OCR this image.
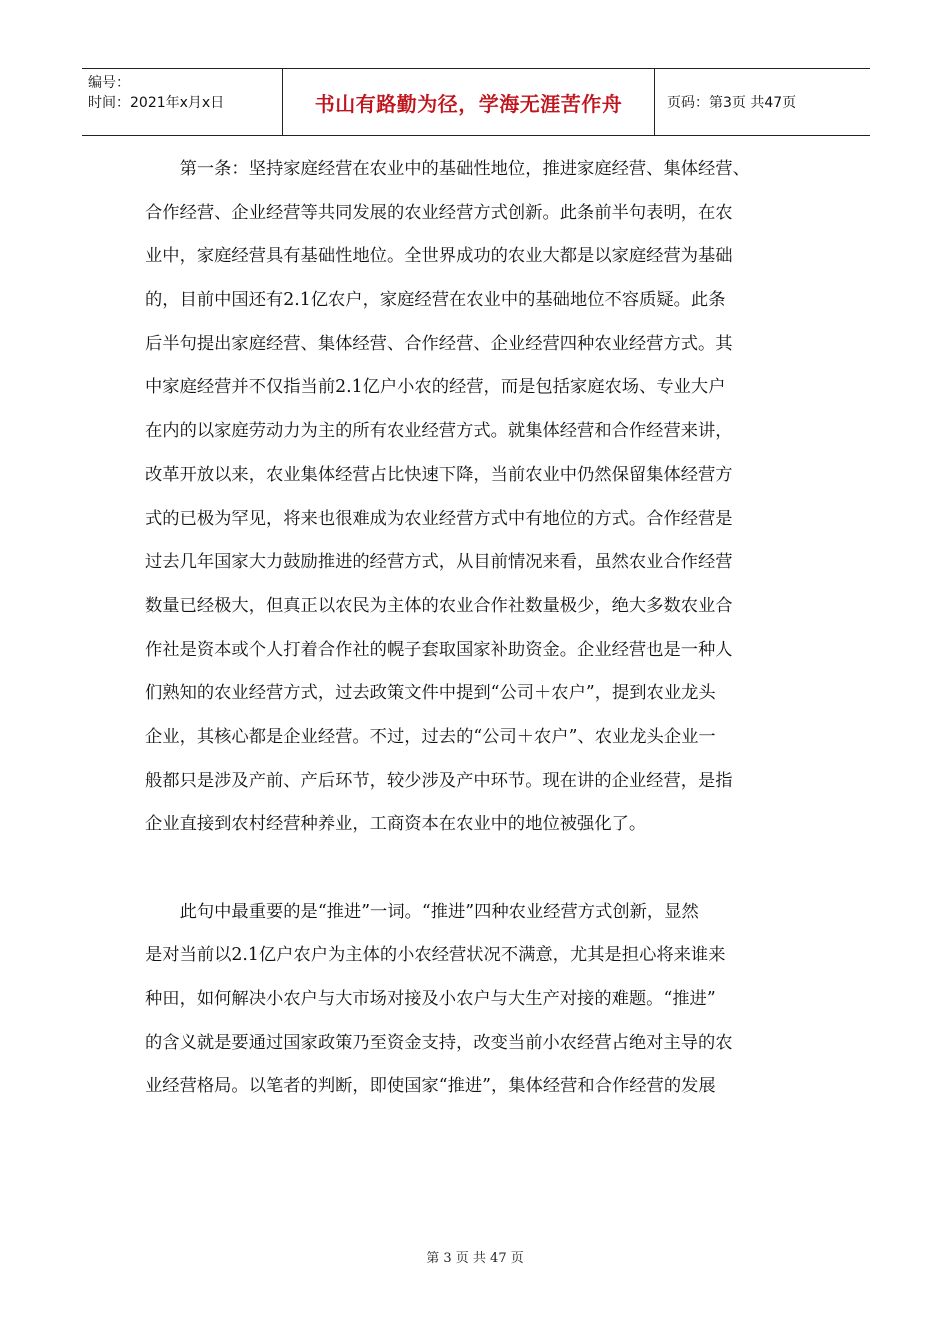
编号：
时间：2021年x月x日	书山有路勤为径，学海无涯苦作舟	页码：第3页 共47页
　　第一条：坚持家庭经营在农业中的基础性地位，推进家庭经营、集体经营、
合作经营、企业经营等共同发展的农业经营方式创新。此条前半句表明，在农
业中，家庭经营具有基础性地位。全世界成功的农业大都是以家庭经营为基础
的，目前中国还有2.1亿农户，家庭经营在农业中的基础地位不容质疑。此条
后半句提出家庭经营、集体经营、合作经营、企业经营四种农业经营方式。其
中家庭经营并不仅指当前2.1亿户小农的经营，而是包括家庭农场、专业大户
在内的以家庭劳动力为主的所有农业经营方式。就集体经营和合作经营来讲，
改革开放以来，农业集体经营占比快速下降，当前农业中仍然保留集体经营方
式的已极为罕见，将来也很难成为农业经营方式中有地位的方式。合作经营是
过去几年国家大力鼓励推进的经营方式，从目前情况来看，虽然农业合作经营
数量已经极大，但真正以农民为主体的农业合作社数量极少，绝大多数农业合
作社是资本或个人打着合作社的幌子套取国家补助资金。企业经营也是一种人
们熟知的农业经营方式，过去政策文件中提到“公司＋农户”，提到农业龙头
企业，其核心都是企业经营。不过，过去的“公司＋农户”、农业龙头企业一
般都只是涉及产前、产后环节，较少涉及产中环节。现在讲的企业经营，是指
企业直接到农村经营种养业，工商资本在农业中的地位被强化了。
　　此句中最重要的是“推进”一词。“推进”四种农业经营方式创新，显然
是对当前以2.1亿户农户为主体的小农经营状况不满意，尤其是担心将来谁来
种田，如何解决小农户与大市场对接及小农户与大生产对接的难题。“推进”
的含义就是要通过国家政策乃至资金支持，改变当前小农经营占绝对主导的农
业经营格局。以笔者的判断，即使国家“推进”，集体经营和合作经营的发展
第 3 页 共 47 页
